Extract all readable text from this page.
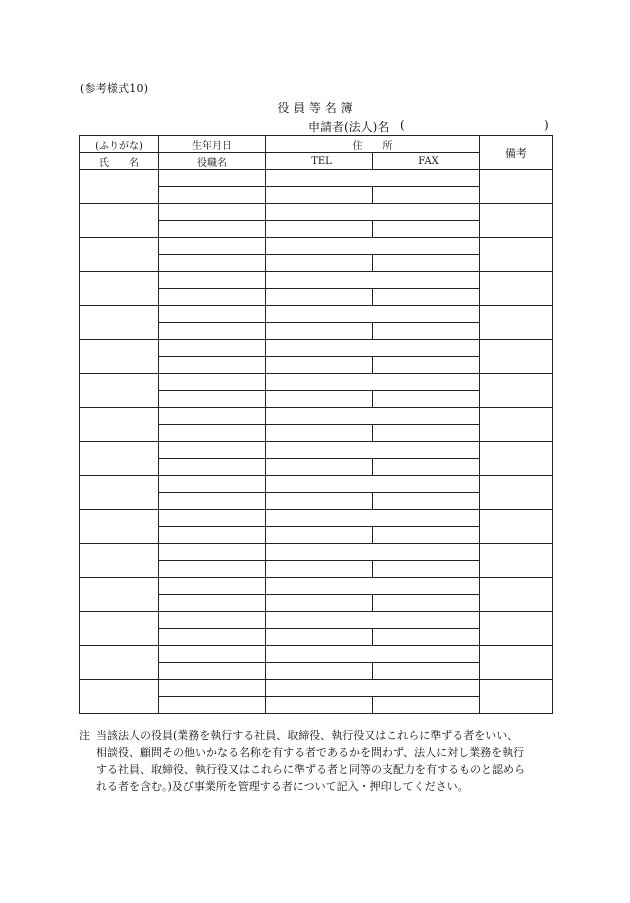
(参考様式10)
役 員 等 名 簿
申請者(法人)名 (	)
(ふりがな)	生年月日	住　　所		備考
氏　　名	役職名	TEL	FAX	

注 当該法人の役員(業務を執行する社員、取締役、執行役又はこれらに準ずる者をいい、
相談役、顧問その他いかなる名称を有する者であるかを問わず、法人に対し業務を執行
する社員、取締役、執行役又はこれらに準ずる者と同等の支配力を有するものと認めら
れる者を含む。)及び事業所を管理する者について記入・押印してください。
